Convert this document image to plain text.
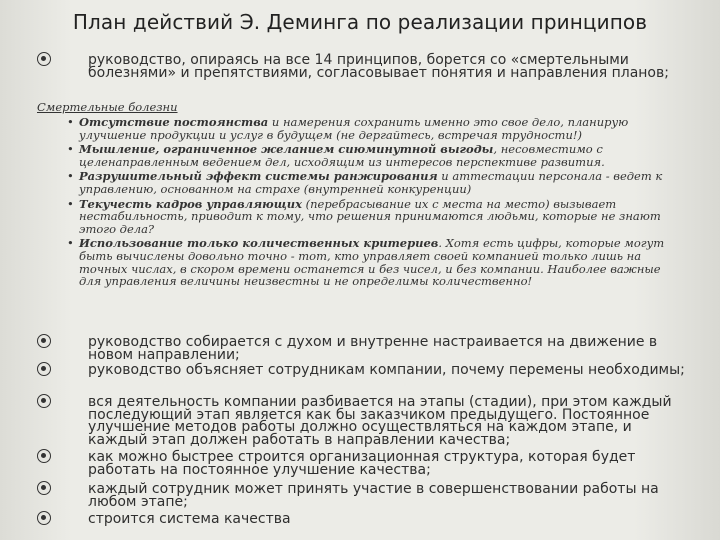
План действий Э. Деминга по реализации принципов

руководство, опираясь на все 14 принципов, борется со «смертельными болезнями» и препятствиями, согласовывает понятия и направления планов;

Смертельные болезни
• Отсутствие постоянства и намерения сохранить именно это свое дело, планирую улучшение продукции и услуг в будущем (не дергайтесь, встречая трудности!)
• Мышление, ограниченное желанием сиюминутной выгоды, несовместимо с целенаправленным ведением дел, исходящим из интересов перспективе развития.
• Разрушительный эффект системы ранжирования и аттестации персонала - ведет к управлению, основанном на страхе (внутренней конкуренции)
• Текучесть кадров управляющих (перебрасывание их с места на место) вызывает нестабильность, приводит к тому, что решения принимаются людьми, которые не знают этого дела?
• Использование только количественных критериев. Хотя есть цифры, которые могут быть вычислены довольно точно - тот, кто управляет своей компанией только лишь на точных числах, в скором времени останется и без чисел, и без компании. Наиболее важные для управления величины неизвестны и не определимы количественно!

руководство собирается с духом и внутренне настраивается на движение в новом направлении;

руководство объясняет сотрудникам компании, почему перемены необходимы;

вся деятельность компании разбивается на этапы (стадии), при этом каждый последующий этап является как бы заказчиком предыдущего. Постоянное улучшение методов работы должно осуществляться на каждом этапе, и каждый этап должен работать в направлении качества;

как можно быстрее строится организационная структура, которая будет работать на постоянное улучшение качества;

каждый сотрудник может принять участие в совершенствовании работы на любом этапе;

строится система качества
